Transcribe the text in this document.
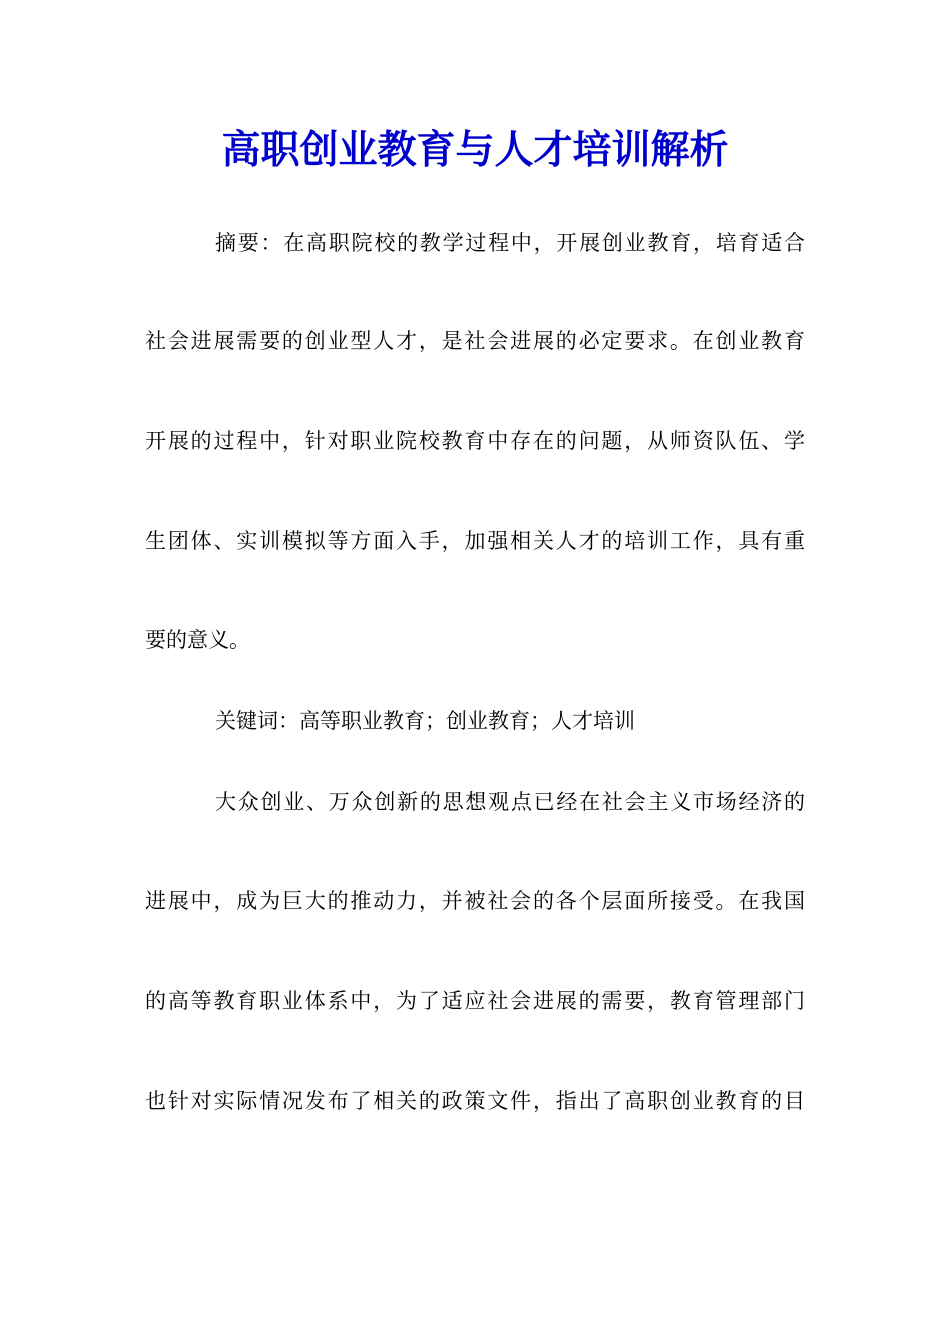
高职创业教育与人才培训解析
摘要：在高职院校的教学过程中，开展创业教育，培育适合
社会进展需要的创业型人才，是社会进展的必定要求。在创业教育
开展的过程中，针对职业院校教育中存在的问题，从师资队伍、学
生团体、实训模拟等方面入手，加强相关人才的培训工作，具有重
要的意义。
关键词：高等职业教育；创业教育；人才培训
大众创业、万众创新的思想观点已经在社会主义市场经济的
进展中，成为巨大的推动力，并被社会的各个层面所接受。在我国
的高等教育职业体系中，为了适应社会进展的需要，教育管理部门
也针对实际情况发布了相关的政策文件，指出了高职创业教育的目
